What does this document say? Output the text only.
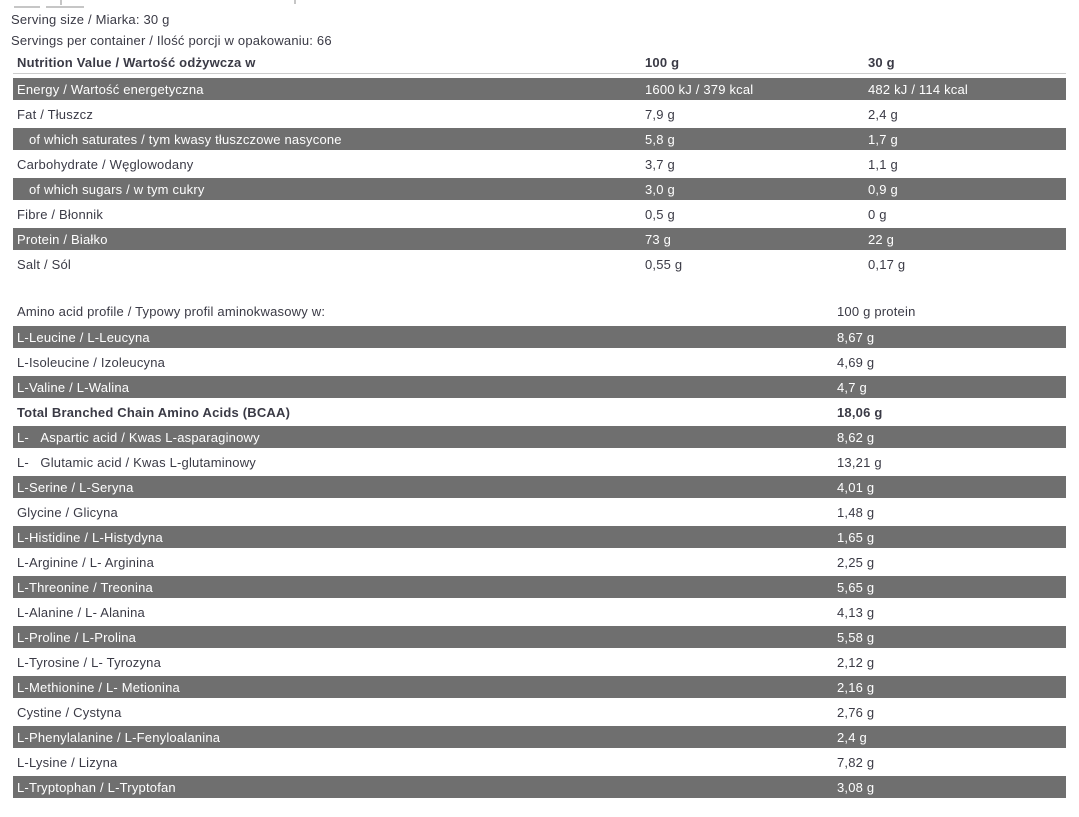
Serving size / Miarka: 30 g
Servings per container / Ilość porcji w opakowaniu: 66
Nutrition Value / Wartość odżywcza w	100 g	30 g
Energy / Wartość energetyczna	1600 kJ / 379 kcal	482 kJ / 114 kcal
Fat / Tłuszcz	7,9 g	2,4 g
of which saturates / tym kwasy tłuszczowe nasycone	5,8 g	1,7 g
Carbohydrate / Węglowodany	3,7 g	1,1 g
of which sugars / w tym cukry	3,0 g	0,9 g
Fibre / Błonnik	0,5 g	0 g
Protein / Białko	73 g	22 g
Salt / Sól	0,55 g	0,17 g
Amino acid profile / Typowy profil aminokwasowy w:	100 g protein
L-Leucine / L-Leucyna	8,67 g
L-Isoleucine / Izoleucyna	4,69 g
L-Valine / L-Walina	4,7 g
Total Branched Chain Amino Acids (BCAA)	18,06 g
L-   Aspartic acid / Kwas L-asparaginowy	8,62 g
L-   Glutamic acid / Kwas L-glutaminowy	13,21 g
L-Serine / L-Seryna	4,01 g
Glycine / Glicyna	1,48 g
L-Histidine / L-Histydyna	1,65 g
L-Arginine / L- Arginina	2,25 g
L-Threonine / Treonina	5,65 g
L-Alanine / L- Alanina	4,13 g
L-Proline / L-Prolina	5,58 g
L-Tyrosine / L- Tyrozyna	2,12 g
L-Methionine / L- Metionina	2,16 g
Cystine / Cystyna	2,76 g
L-Phenylalanine / L-Fenyloalanina	2,4 g
L-Lysine / Lizyna	7,82 g
L-Tryptophan / L-Tryptofan	3,08 g
